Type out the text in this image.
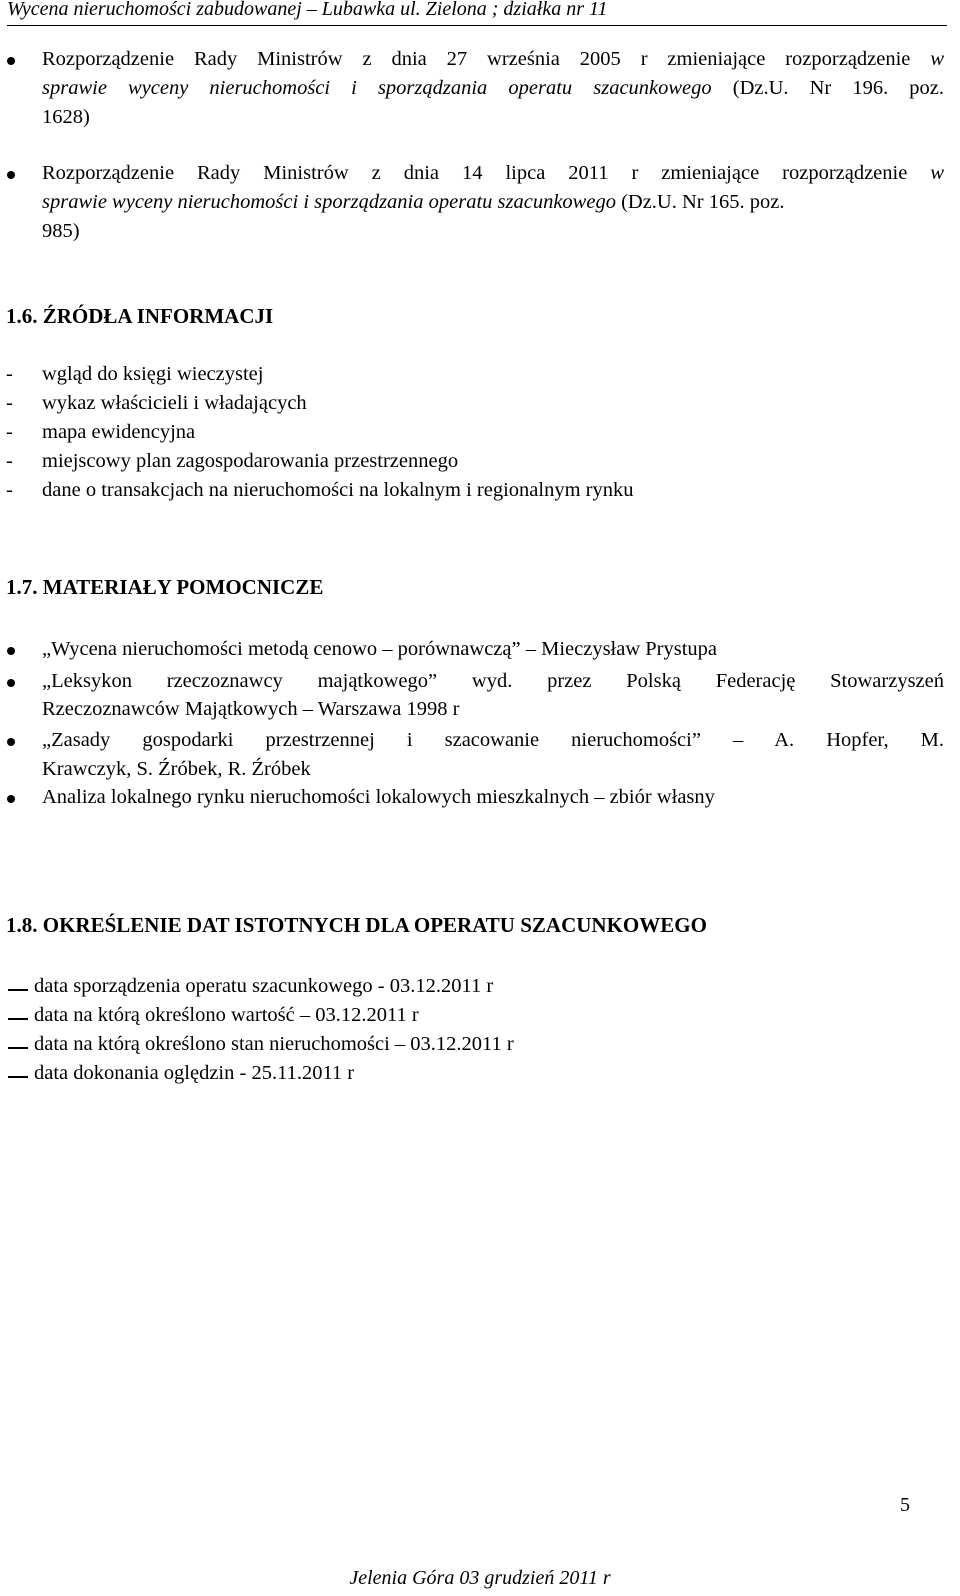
Wycena nieruchomości zabudowanej – Lubawka ul. Zielona ; działka nr 11
Rozporządzenie Rady Ministrów z dnia 27 września 2005 r zmieniające rozporządzenie w
sprawie wyceny nieruchomości i sporządzania operatu szacunkowego (Dz.U. Nr 196. poz.
1628)
Rozporządzenie Rady Ministrów z dnia 14 lipca 2011 r zmieniające rozporządzenie w
sprawie wyceny nieruchomości i sporządzania operatu szacunkowego (Dz.U. Nr 165. poz.
985)
1.6. ŹRÓDŁA INFORMACJI
- wgląd do księgi wieczystej
- wykaz właścicieli i władających
- mapa ewidencyjna
- miejscowy plan zagospodarowania przestrzennego
- dane o transakcjach na nieruchomości na lokalnym i regionalnym rynku
1.7. MATERIAŁY POMOCNICZE
„Wycena nieruchomości metodą cenowo – porównawczą” – Mieczysław Prystupa
„Leksykon rzeczoznawcy majątkowego” wyd. przez Polską Federację Stowarzyszeń
Rzeczoznawców Majątkowych – Warszawa 1998 r
„Zasady gospodarki przestrzennej i szacowanie nieruchomości” – A. Hopfer, M.
Krawczyk, S. Źróbek, R. Źróbek
Analiza lokalnego rynku nieruchomości lokalowych mieszkalnych – zbiór własny
1.8. OKREŚLENIE DAT ISTOTNYCH DLA OPERATU SZACUNKOWEGO
data sporządzenia operatu szacunkowego - 03.12.2011 r
data na którą określono wartość – 03.12.2011 r
data na którą określono stan nieruchomości – 03.12.2011 r
data dokonania oględzin - 25.11.2011 r
5
Jelenia Góra 03 grudzień 2011 r
